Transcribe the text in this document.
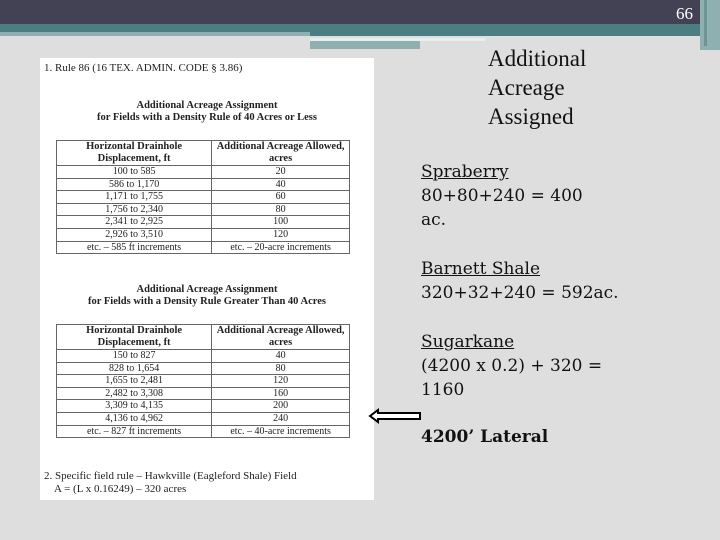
66
1. Rule 86 (16 TEX. ADMIN. CODE § 3.86)
Additional Acreage Assignment
for Fields with a Density Rule of 40 Acres or Less
Horizontal Drainhole Displacement, ft	Additional Acreage Allowed, acres
100 to 585	20
586 to 1,170	40
1,171 to 1,755	60
1,756 to 2,340	80
2,341 to 2,925	100
2,926 to 3,510	120
etc. – 585 ft increments	etc. – 20-acre increments
Additional Acreage Assignment
for Fields with a Density Rule Greater Than 40 Acres
Horizontal Drainhole Displacement, ft	Additional Acreage Allowed, acres
150 to 827	40
828 to 1,654	80
1,655 to 2,481	120
2,482 to 3,308	160
3,309 to 4,135	200
4,136 to 4,962	240
etc. – 827 ft increments	etc. – 40-acre increments
2. Specific field rule – Hawkville (Eagleford Shale) Field
A = (L x 0.16249) – 320 acres
Additional
Acreage
Assigned
Spraberry
80+80+240 = 400
ac.
Barnett Shale
320+32+240 = 592ac.
Sugarkane
(4200 x 0.2) + 320 =
1160
4200’ Lateral
